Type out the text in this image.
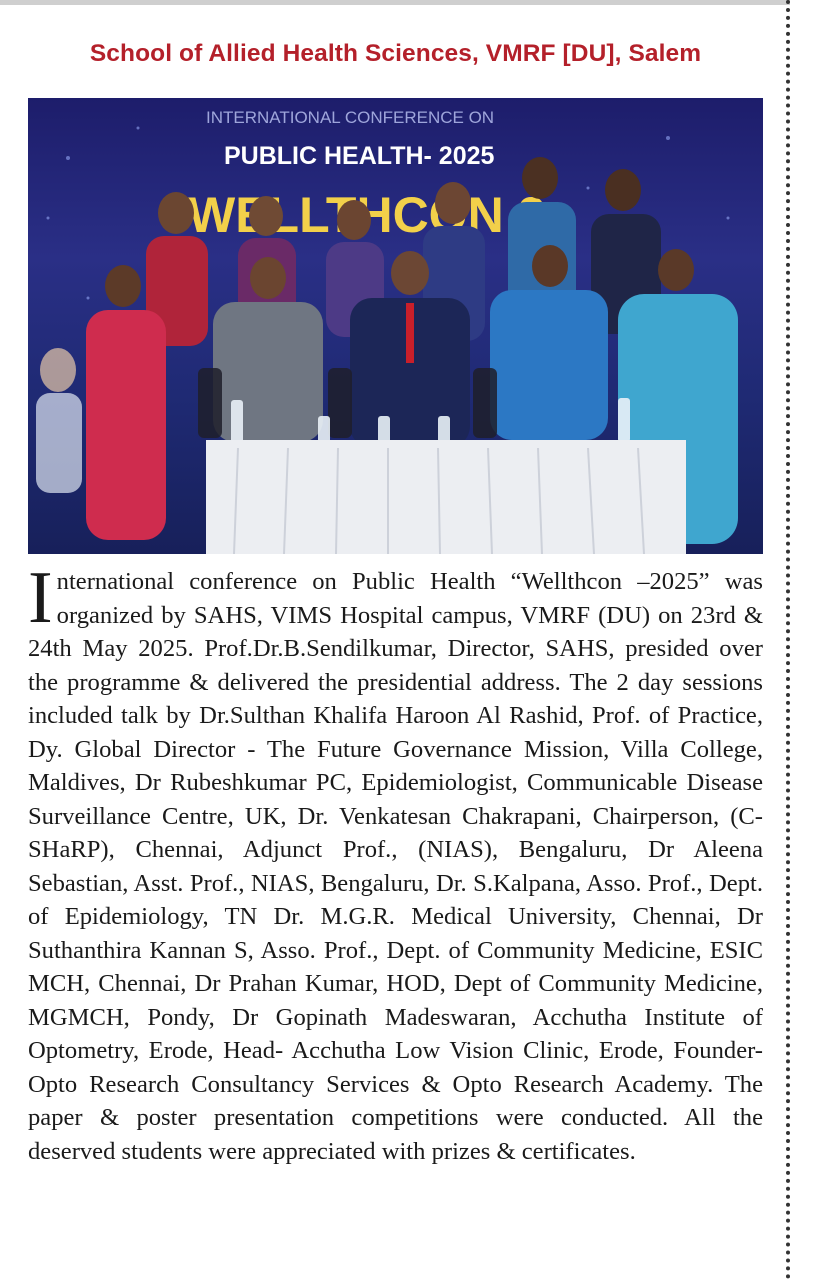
School of Allied Health Sciences, VMRF [DU], Salem
INTERNATIONAL CONFERENCE ON
PUBLIC HEALTH- 2025

International conference on Public Health “Wellthcon –2025” was organized by SAHS, VIMS Hospital campus, VMRF (DU) on 23rd & 24th May 2025. Prof.Dr.B.Sendilkumar, Director, SAHS, presided over the programme & delivered the presidential address. The 2 day sessions included talk by Dr.Sulthan Khalifa Haroon Al Rashid, Prof. of Practice, Dy. Global Director - The Future Governance Mission, Villa College, Maldives, Dr Rubeshkumar PC, Epidemiologist, Communicable Disease Surveillance Centre, UK, Dr. Venkatesan Chakrapani, Chairperson, (C-SHaRP), Chennai, Adjunct Prof., (NIAS), Bengaluru, Dr Aleena Sebastian, Asst. Prof., NIAS, Bengaluru, Dr. S.Kalpana, Asso. Prof., Dept. of Epidemiology, TN Dr. M.G.R. Medical University, Chennai, Dr Suthanthira Kannan S, Asso. Prof., Dept. of Community Medicine, ESIC MCH, Chennai, Dr Prahan Kumar, HOD, Dept of Community Medicine, MGMCH, Pondy, Dr Gopinath Madeswaran, Acchutha Institute of Optometry, Erode, Head- Acchutha Low Vision Clinic, Erode, Founder- Opto Research Consultancy Services & Opto Research Academy. The paper & poster presentation competitions were conducted. All the deserved students were appreciated with prizes & certificates.
